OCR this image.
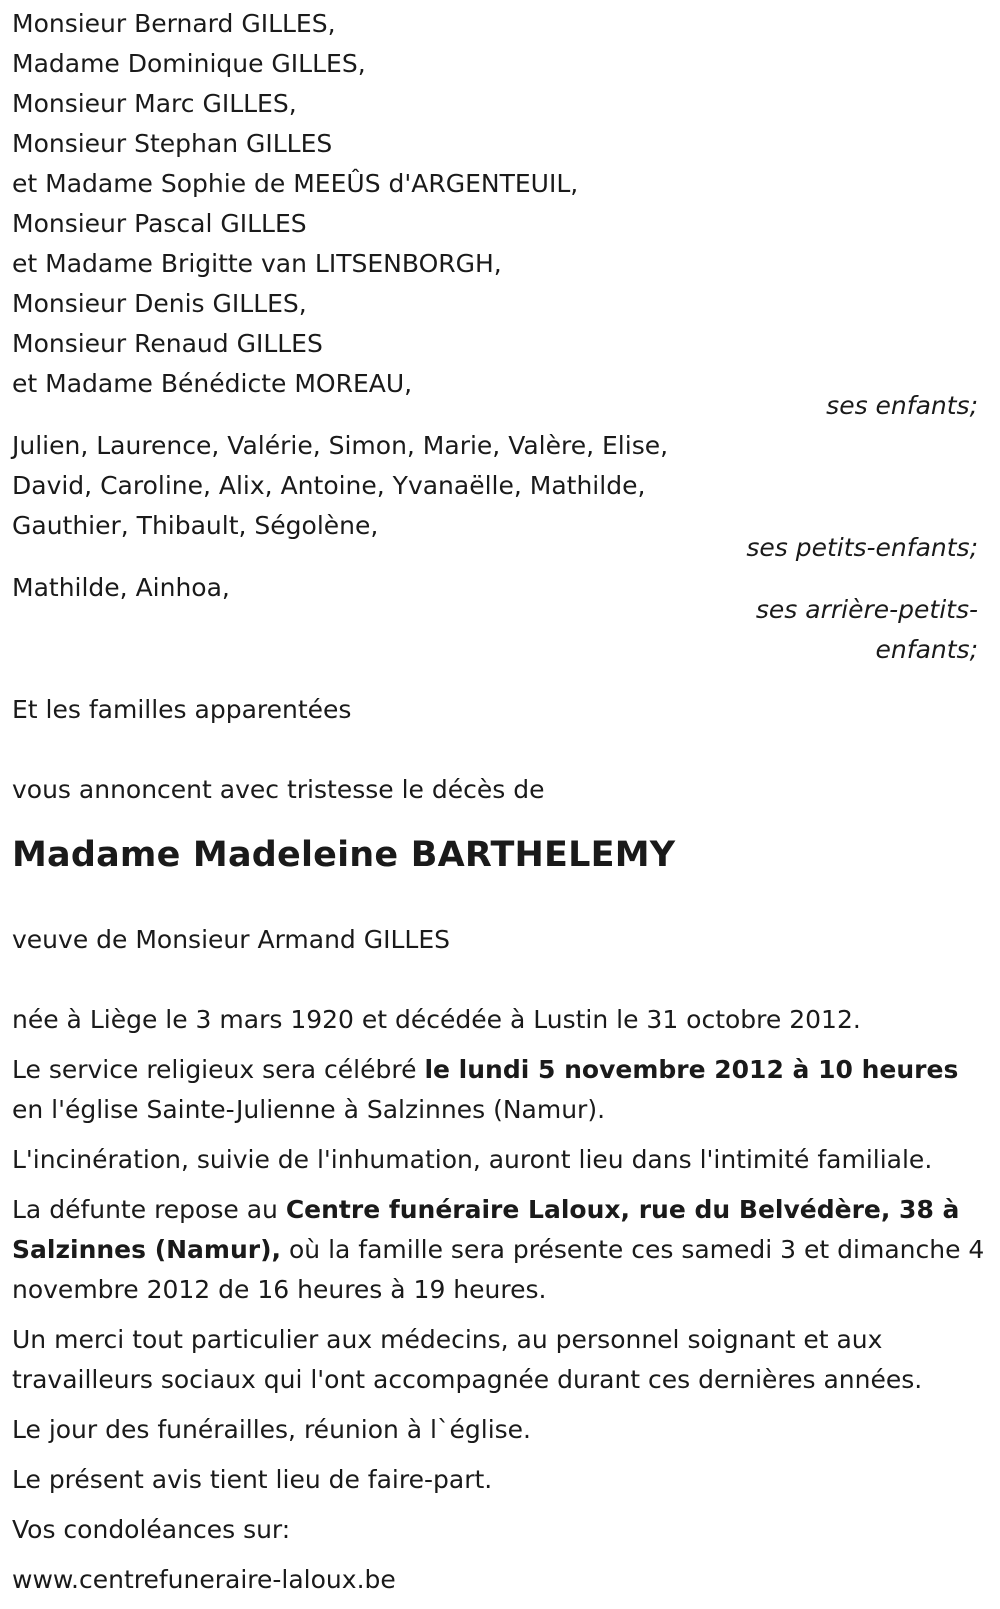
Monsieur Bernard GILLES,

Madame Dominique GILLES,

Monsieur Marc GILLES,

Monsieur Stephan GILLES

et Madame Sophie de MEEÛS d'ARGENTEUIL,

Monsieur Pascal GILLES

et Madame Brigitte van LITSENBORGH,

Monsieur Denis GILLES,

Monsieur Renaud GILLES

et Madame Bénédicte MOREAU,

ses enfants;

Julien, Laurence, Valérie, Simon, Marie, Valère, Elise,

David, Caroline, Alix, Antoine, Yvanaëlle, Mathilde,

Gauthier, Thibault, Ségolène,

ses petits-enfants;

Mathilde, Ainhoa,

ses arrière-petits-

enfants;

Et les familles apparentées

vous annoncent avec tristesse le décès de

Madame Madeleine BARTHELEMY

veuve de Monsieur Armand GILLES

née à Liège le 3 mars 1920 et décédée à Lustin le 31 octobre 2012.

Le service religieux sera célébré le lundi 5 novembre 2012 à 10 heures
en l'église Sainte-Julienne à Salzinnes (Namur).

L'incinération, suivie de l'inhumation, auront lieu dans l'intimité familiale.

La défunte repose au Centre funéraire Laloux, rue du Belvédère, 38 à Salzinnes (Namur), où la famille sera présente ces samedi 3 et dimanche 4 novembre 2012 de 16 heures à 19 heures.

Un merci tout particulier aux médecins, au personnel soignant et aux travailleurs sociaux qui l'ont accompagnée durant ces dernières années.

Le jour des funérailles, réunion à l`église.

Le présent avis tient lieu de faire-part.

Vos condoléances sur:

www.centrefuneraire-laloux.be
